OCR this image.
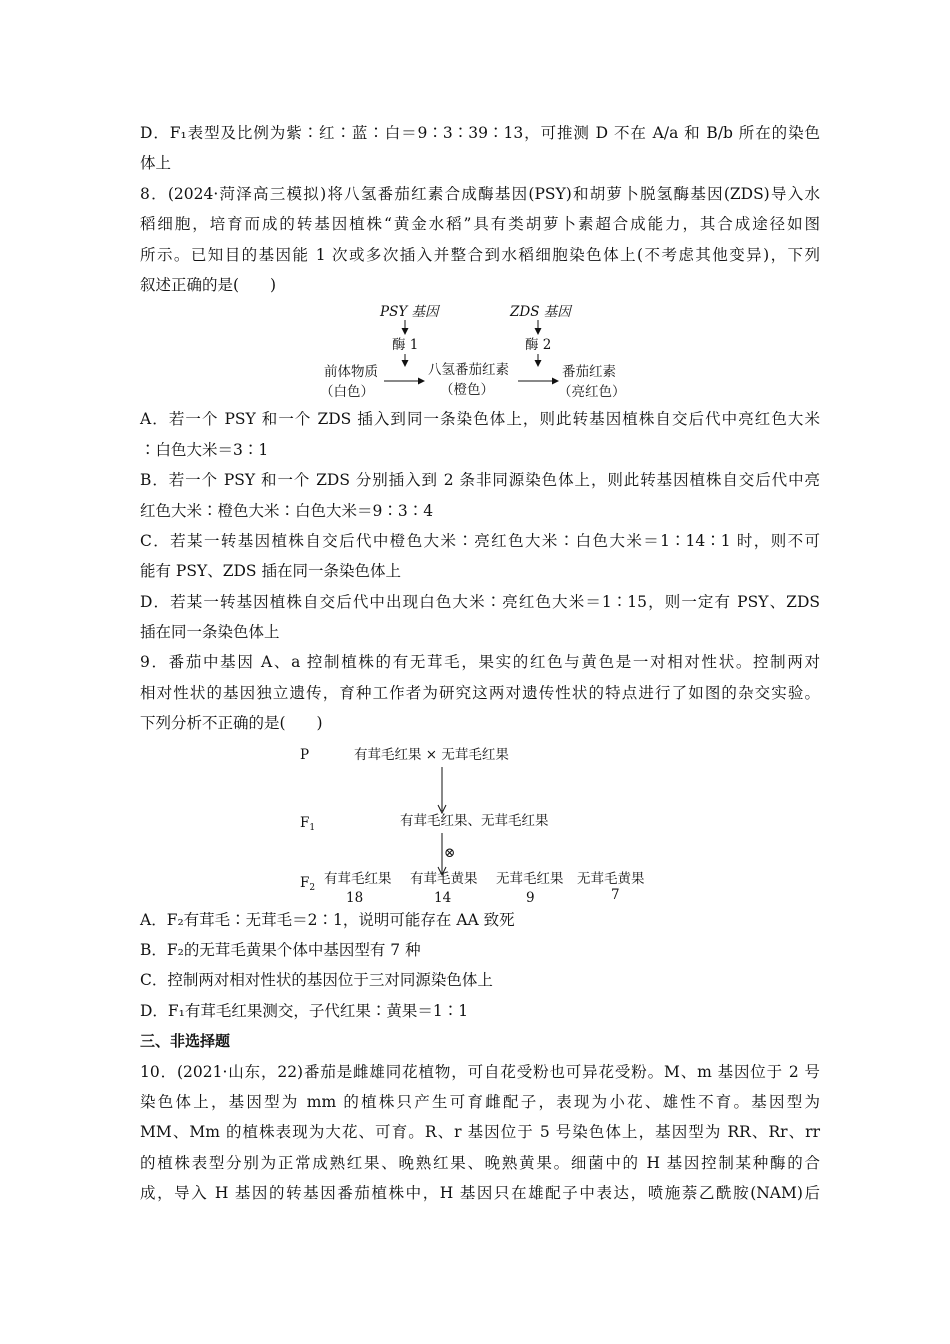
D．F₁表型及比例为紫∶红∶蓝∶白＝9∶3∶39∶13，可推测 D 不在 A/a 和 B/b 所在的染色
体上
8．(2024·菏泽高三模拟)将八氢番茄红素合成酶基因(PSY)和胡萝卜脱氢酶基因(ZDS)导入水
稻细胞，培育而成的转基因植株“黄金水稻”具有类胡萝卜素超合成能力，其合成途径如图
所示。已知目的基因能 1 次或多次插入并整合到水稻细胞染色体上(不考虑其他变异)，下列
叙述正确的是(　　)
PSY 基因	ZDS 基因
酶 1	酶 2
前体物质
（白色）
八氢番茄红素
（橙色）
番茄红素
（亮红色）
A．若一个 PSY 和一个 ZDS 插入到同一条染色体上，则此转基因植株自交后代中亮红色大米
∶白色大米＝3∶1
B．若一个 PSY 和一个 ZDS 分别插入到 2 条非同源染色体上，则此转基因植株自交后代中亮
红色大米∶橙色大米∶白色大米＝9∶3∶4
C．若某一转基因植株自交后代中橙色大米∶亮红色大米∶白色大米＝1∶14∶1 时，则不可
能有 PSY、ZDS 插在同一条染色体上
D．若某一转基因植株自交后代中出现白色大米∶亮红色大米＝1∶15，则一定有 PSY、ZDS
插在同一条染色体上
9．番茄中基因 A、a 控制植株的有无茸毛，果实的红色与黄色是一对相对性状。控制两对
相对性状的基因独立遗传，育种工作者为研究这两对遗传性状的特点进行了如图的杂交实验。
下列分析不正确的是(　　)
P	有茸毛红果 × 无茸毛红果
$F_1$	有茸毛红果、无茸毛红果
⊗
$F_2$
有茸毛红果 有茸毛黄果 无茸毛红果 无茸毛黄果
18	14	9	7
A．F₂有茸毛∶无茸毛＝2∶1，说明可能存在 AA 致死
B．F₂的无茸毛黄果个体中基因型有 7 种
C．控制两对相对性状的基因位于三对同源染色体上
D．F₁有茸毛红果测交，子代红果∶黄果＝1∶1
三、非选择题
10．(2021·山东，22)番茄是雌雄同花植物，可自花受粉也可异花受粉。M、m 基因位于 2 号
染色体上，基因型为 mm 的植株只产生可育雌配子，表现为小花、雄性不育。基因型为
MM、Mm 的植株表现为大花、可育。R、r 基因位于 5 号染色体上，基因型为 RR、Rr、rr
的植株表型分别为正常成熟红果、晚熟红果、晚熟黄果。细菌中的 H 基因控制某种酶的合
成，导入 H 基因的转基因番茄植株中，H 基因只在雄配子中表达，喷施萘乙酰胺(NAM)后
